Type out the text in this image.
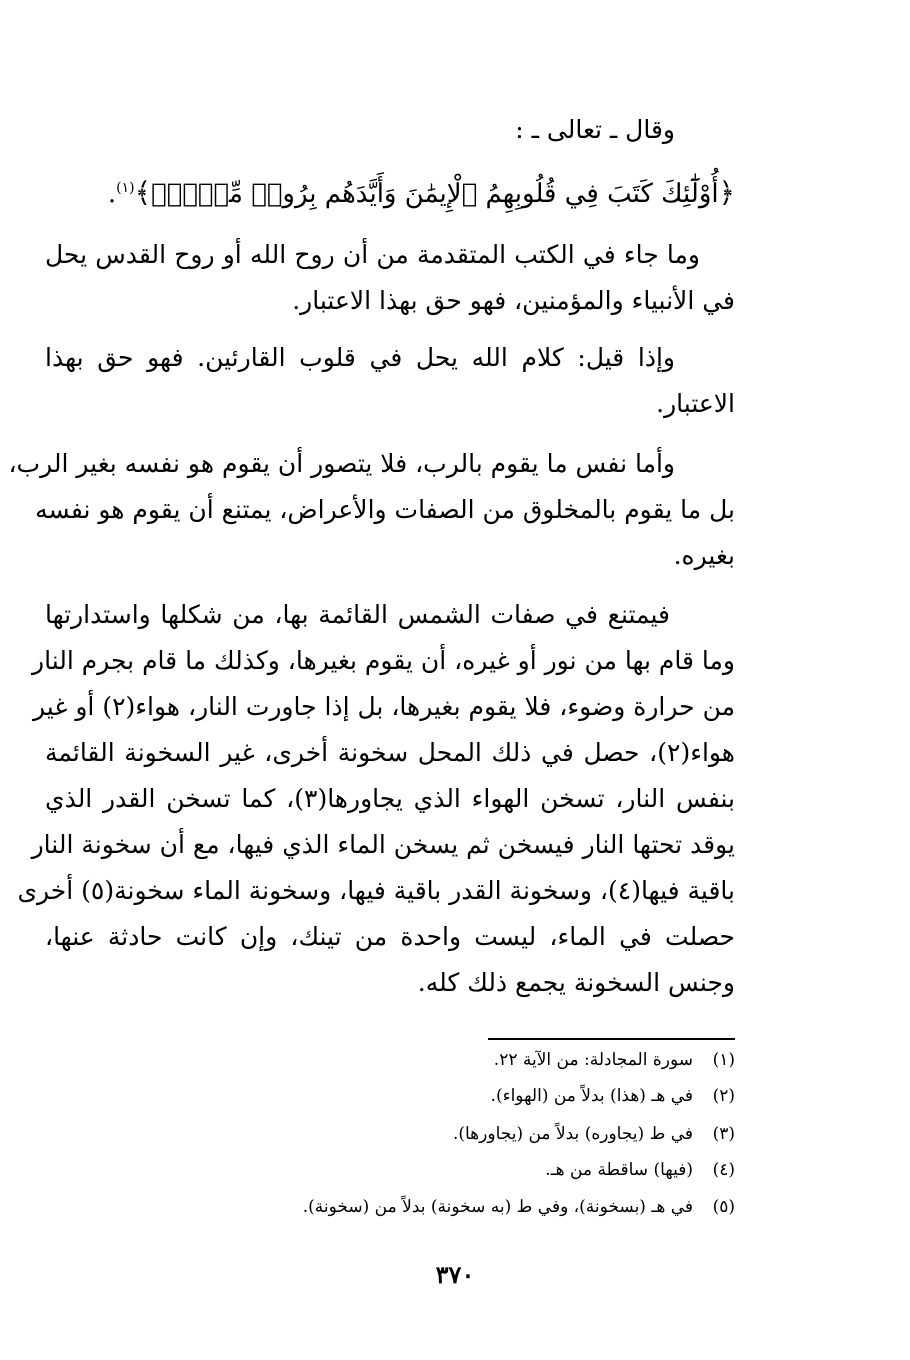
وقال ـ تعالى ـ :
﴿أُوْلَٰٓئِكَ كَتَبَ فِي قُلُوبِهِمُ ٱلْإِيمَٰنَ وَأَيَّدَهُم بِرُوحٖ مِّنۡهُۖ﴾$^{(١)}$.
وما جاء في الكتب المتقدمة من أن روح الله أو روح القدس يحل
في الأنبياء والمؤمنين، فهو حق بهذا الاعتبار.
وإذا قيل: كلام الله يحل في قلوب القارئين. فهو حق بهذا
الاعتبار.
وأما نفس ما يقوم بالرب، فلا يتصور أن يقوم هو نفسه بغير الرب،
بل ما يقوم بالمخلوق من الصفات والأعراض، يمتنع أن يقوم هو نفسه
بغيره.
فيمتنع في صفات الشمس القائمة بها، من شكلها واستدارتها
وما قام بها من نور أو غيره، أن يقوم بغيرها، وكذلك ما قام بجرم النار
من حرارة وضوء، فلا يقوم بغيرها، بل إذا جاورت النار، هواء(٢) أو غير
هواء(٢)، حصل في ذلك المحل سخونة أخرى، غير السخونة القائمة
بنفس النار، تسخن الهواء الذي يجاورها(٣)، كما تسخن القدر الذي
يوقد تحتها النار فيسخن ثم يسخن الماء الذي فيها، مع أن سخونة النار
باقية فيها(٤)، وسخونة القدر باقية فيها، وسخونة الماء سخونة(٥) أخرى
حصلت في الماء، ليست واحدة من تينك، وإن كانت حادثة عنها،
وجنس السخونة يجمع ذلك كله.
(١)سورة المجادلة: من الآية ٢٢.
(٢)في هـ (هذا) بدلاً من (الهواء).
(٣)في ط (يجاوره) بدلاً من (يجاورها).
(٤)(فيها) ساقطة من هـ.
(٥)في هـ (بسخونة)، وفي ط (به سخونة) بدلاً من (سخونة).
٣٧٠
